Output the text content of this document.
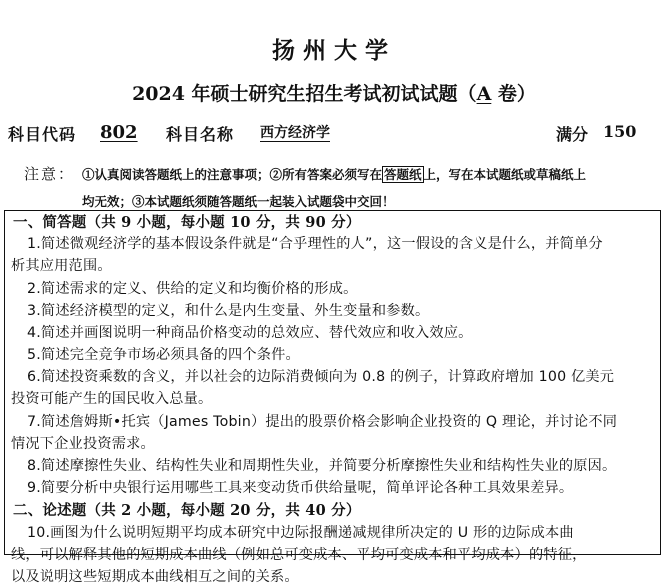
扬州大学
2024 年硕士研究生招生考试初试试题（A 卷）
科目代码 802 科目名称 西方经济学	满分 150
注意： ①认真阅读答题纸上的注意事项；②所有答案必须写在 答题纸 上，写在本试题纸或草稿纸上
均无效；③本试题纸须随答题纸一起装入试题袋中交回！
一、简答题（共 9 小题，每小题 10 分，共 90 分）
1.简述微观经济学的基本假设条件就是“合乎理性的人”，这一假设的含义是什么，并简单分
析其应用范围。
2.简述需求的定义、供给的定义和均衡价格的形成。
3.简述经济模型的定义，和什么是内生变量、外生变量和参数。
4.简述并画图说明一种商品价格变动的总效应、替代效应和收入效应。
5.简述完全竞争市场必须具备的四个条件。
6.简述投资乘数的含义，并以社会的边际消费倾向为 0.8 的例子，计算政府增加 100 亿美元
投资可能产生的国民收入总量。
7.简述詹姆斯•托宾（James Tobin）提出的股票价格会影响企业投资的 Q 理论，并讨论不同
情况下企业投资需求。
8.简述摩擦性失业、结构性失业和周期性失业，并简要分析摩擦性失业和结构性失业的原因。
9.简要分析中央银行运用哪些工具来变动货币供给量呢，简单评论各种工具效果差异。
二、论述题（共 2 小题，每小题 20 分，共 40 分）
10.画图为什么说明短期平均成本研究中边际报酬递减规律所决定的 U 形的边际成本曲
线，可以解释其他的短期成本曲线（例如总可变成本、平均可变成本和平均成本）的特征，
以及说明这些短期成本曲线相互之间的关系。
